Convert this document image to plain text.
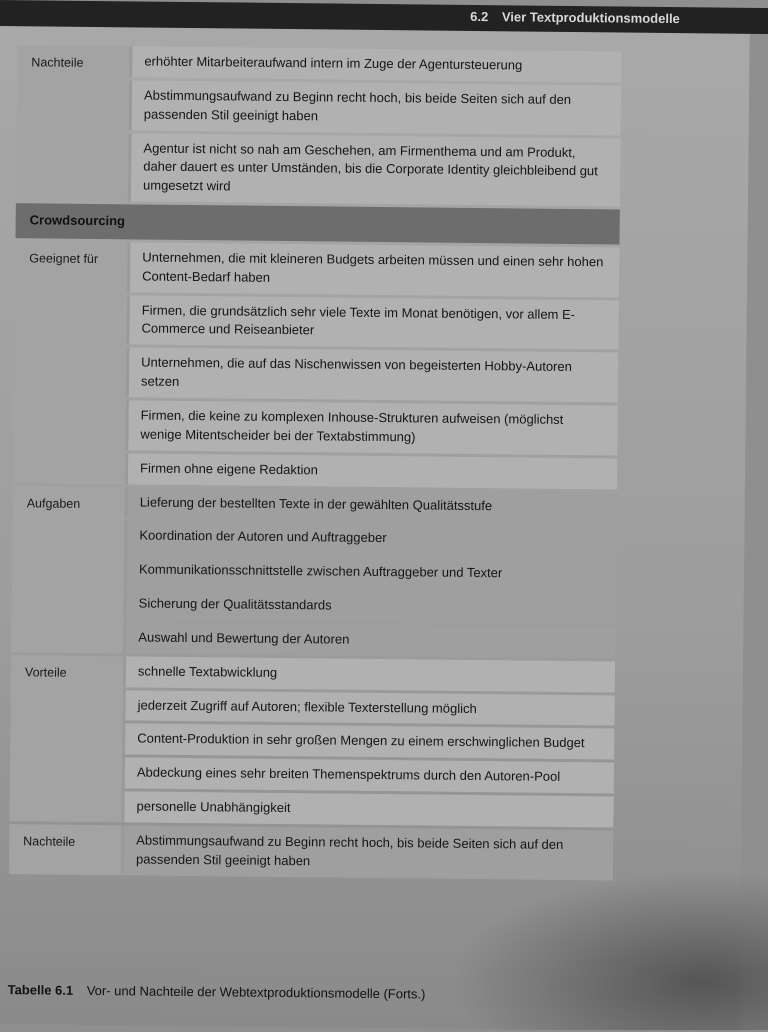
6.2 Vier Textproduktionsmodelle
Nachteile	erhöhter Mitarbeiteraufwand intern im Zuge der Agentursteuerung
	Abstimmungsaufwand zu Beginn recht hoch, bis beide Seiten sich auf den passenden Stil geeinigt haben
	Agentur ist nicht so nah am Geschehen, am Firmenthema und am Produkt, daher dauert es unter Umständen, bis die Corporate Identity gleichbleibend gut umgesetzt wird
Crowdsourcing	
Geeignet für	Unternehmen, die mit kleineren Budgets arbeiten müssen und einen sehr hohen Content-Bedarf haben
	Firmen, die grundsätzlich sehr viele Texte im Monat benötigen, vor allem E-Commerce und Reiseanbieter
	Unternehmen, die auf das Nischenwissen von begeisterten Hobby-Autoren setzen
	Firmen, die keine zu komplexen Inhouse-Strukturen aufweisen (möglichst wenige Mitentscheider bei der Textabstimmung)
	Firmen ohne eigene Redaktion
Aufgaben	Lieferung der bestellten Texte in der gewählten Qualitätsstufe
	Koordination der Autoren und Auftraggeber
	Kommunikationsschnittstelle zwischen Auftraggeber und Texter
	Sicherung der Qualitätsstandards
	Auswahl und Bewertung der Autoren
Vorteile	schnelle Textabwicklung
	jederzeit Zugriff auf Autoren; flexible Texterstellung möglich
	Content-Produktion in sehr großen Mengen zu einem erschwinglichen Budget
	Abdeckung eines sehr breiten Themenspektrums durch den Autoren-Pool
	personelle Unabhängigkeit
Nachteile	Abstimmungsaufwand zu Beginn recht hoch, bis beide Seiten sich auf den passenden Stil geeinigt haben
Tabelle 6.1 Vor- und Nachteile der Webtextproduktionsmodelle (Forts.)
